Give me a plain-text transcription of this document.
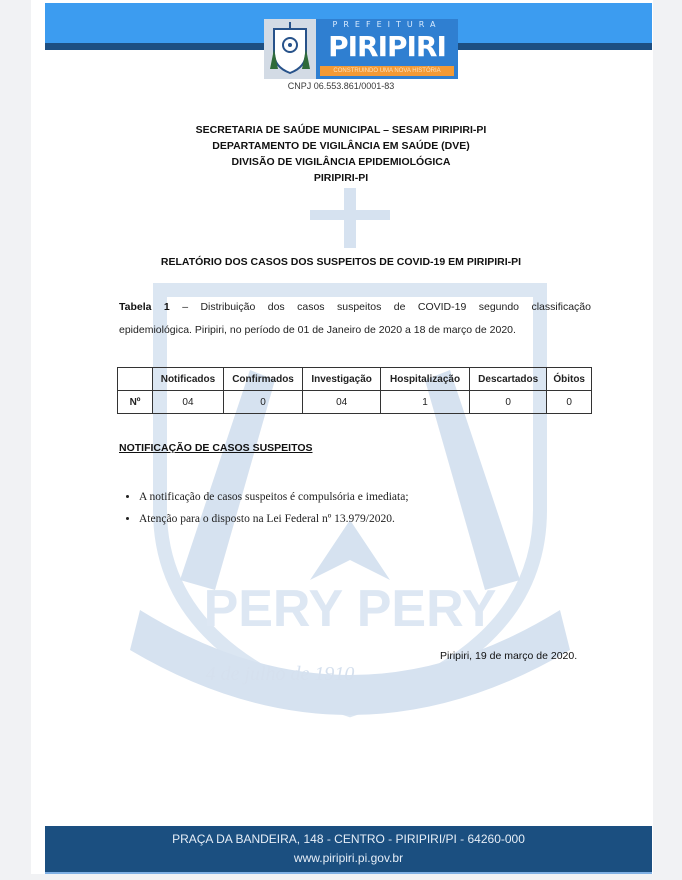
PREFEITURA
PIRIPIRI
CONSTRUINDO UMA NOVA HISTÓRIA
CNPJ 06.553.861/0001-83
SECRETARIA DE SAÚDE MUNICIPAL – SESAM PIRIPIRI-PI
DEPARTAMENTO DE VIGILÂNCIA EM SAÚDE (DVE)
DIVISÃO DE VIGILÂNCIA EPIDEMIOLÓGICA
PIRIPIRI-PI
PERY PERY
4 de julho de 1910
RELATÓRIO DOS CASOS DOS SUSPEITOS DE COVID-19 EM PIRIPIRI-PI
Tabela 1 – Distribuição dos casos suspeitos de COVID-19 segundo classificação
epidemiológica. Piripiri, no período de 01 de Janeiro de 2020 a 18 de março de 2020.
	Notificados	Confirmados	Investigação	Hospitalização	Descartados	Óbitos
Nº	04	0	04	1	0	0
NOTIFICAÇÃO DE CASOS SUSPEITOS
• A notificação de casos suspeitos é compulsória e imediata;
• Atenção para o disposto na Lei Federal nº 13.979/2020.
Piripiri, 19 de março de 2020.
PRAÇA DA BANDEIRA, 148 - CENTRO - PIRIPIRI/PI - 64260-000
www.piripiri.pi.gov.br
